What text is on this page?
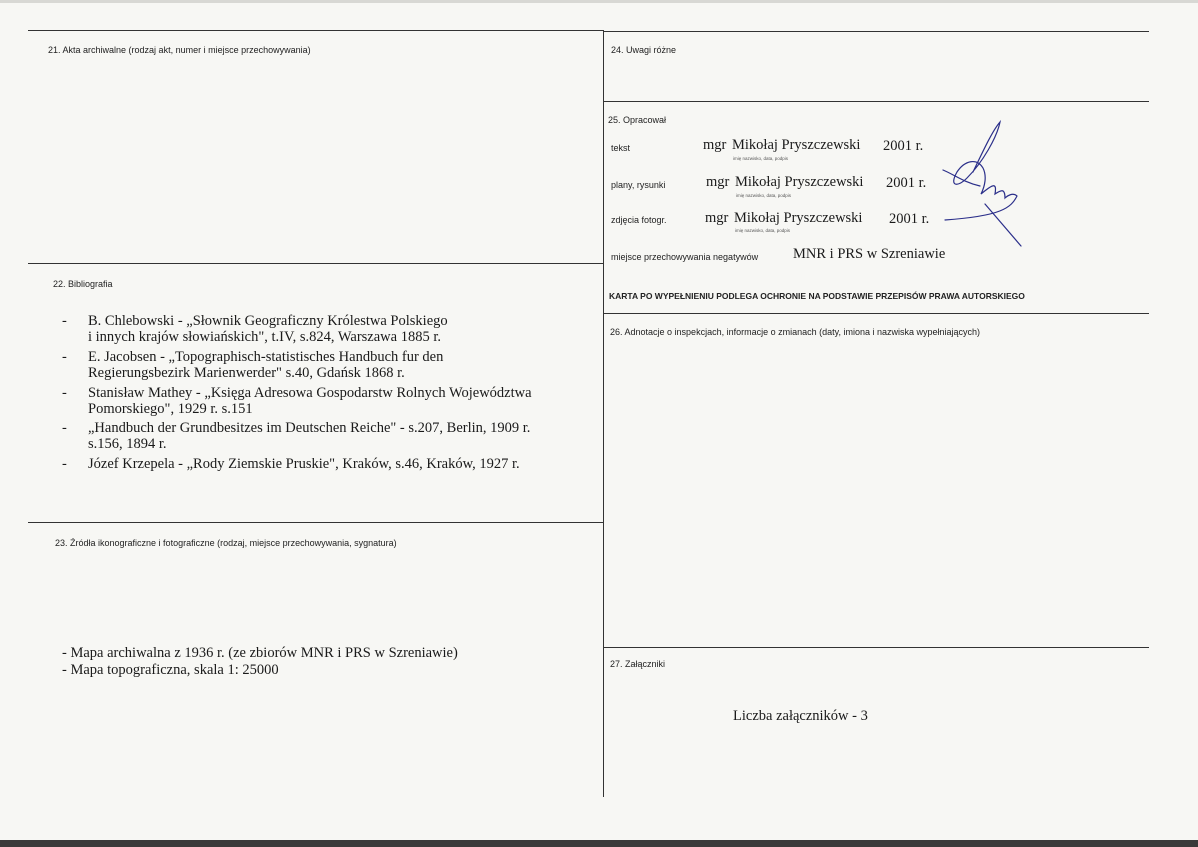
21. Akta archiwalne (rodzaj akt, numer i miejsce przechowywania)
22. Bibliografia
- B. Chlebowski - „Słownik Geograficzny Królestwa Polskiego
i innych krajów słowiańskich", t.IV, s.824, Warszawa 1885 r.
- E. Jacobsen - „Topographisch-statistisches Handbuch fur den
Regierungsbezirk Marienwerder" s.40, Gdańsk 1868 r.
- Stanisław Mathey - „Księga Adresowa Gospodarstw Rolnych Województwa
Pomorskiego", 1929 r. s.151
- „Handbuch der Grundbesitzes im Deutschen Reiche" - s.207, Berlin, 1909 r.
s.156, 1894 r.
- Józef Krzepela - „Rody Ziemskie Pruskie", Kraków, s.46, Kraków, 1927 r.
23. Źródła ikonograficzne i fotograficzne (rodzaj, miejsce przechowywania, sygnatura)
- Mapa archiwalna z 1936 r. (ze zbiorów MNR i PRS w Szreniawie)
- Mapa topograficzna, skala 1: 25000
24. Uwagi różne
25. Opracował
tekst	mgr Mikołaj Pryszczewski 2001 r.
imię nazwisko, data, podpis
plany, rysunki	mgr Mikołaj Pryszczewski 2001 r.
imię nazwisko, data, podpis
zdjęcia fotogr.	mgr Mikołaj Pryszczewski 2001 r.
imię nazwisko, data, podpis
miejsce przechowywania negatywów MNR i PRS w Szreniawie
KARTA PO WYPEŁNIENIU PODLEGA OCHRONIE NA PODSTAWIE PRZEPISÓW PRAWA AUTORSKIEGO
26. Adnotacje o inspekcjach, informacje o zmianach (daty, imiona i nazwiska wypełniających)
27. Załączniki
Liczba załączników - 3
